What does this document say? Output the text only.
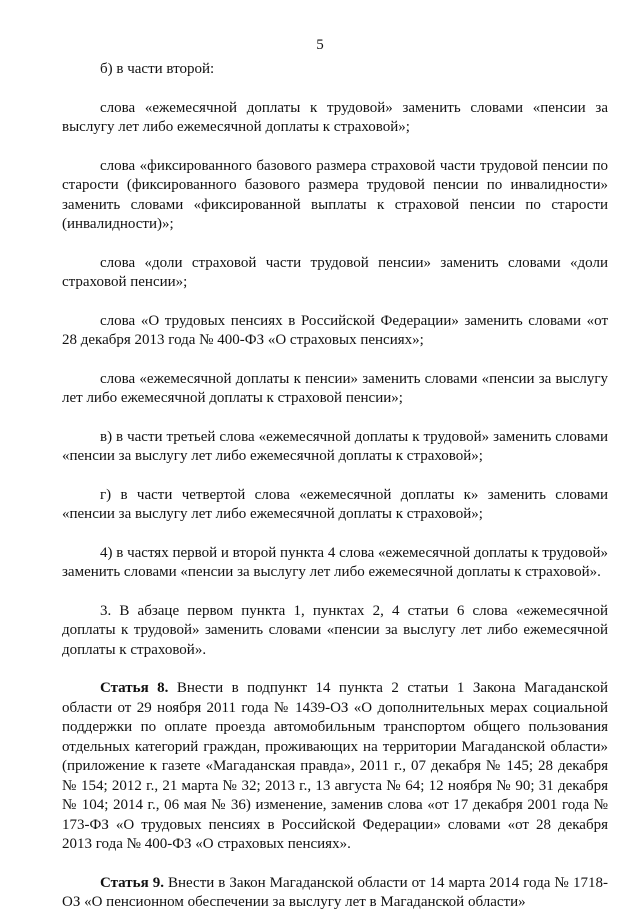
5

б) в части второй:

слова «ежемесячной доплаты к трудовой» заменить словами «пенсии за выслугу лет либо ежемесячной доплаты к страховой»;

слова «фиксированного базового размера страховой части трудовой пенсии по старости (фиксированного базового размера трудовой пенсии по инвалидности» заменить словами «фиксированной выплаты к страховой пенсии по старости (инвалидности)»;

слова «доли страховой части трудовой пенсии» заменить словами «доли страховой пенсии»;

слова «О трудовых пенсиях в Российской Федерации» заменить словами «от 28 декабря 2013 года № 400-ФЗ «О страховых пенсиях»;

слова «ежемесячной доплаты к пенсии» заменить словами «пенсии за выслугу лет либо ежемесячной доплаты к страховой пенсии»;

в) в части третьей слова «ежемесячной доплаты к трудовой» заменить словами «пенсии за выслугу лет либо ежемесячной доплаты к страховой»;

г) в части четвертой слова «ежемесячной доплаты к» заменить словами «пенсии за выслугу лет либо ежемесячной доплаты к страховой»;

4) в частях первой и второй пункта 4 слова «ежемесячной доплаты к трудовой» заменить словами «пенсии за выслугу лет либо ежемесячной доплаты к страховой».

3. В абзаце первом пункта 1, пунктах 2, 4 статьи 6 слова «ежемесячной доплаты к трудовой» заменить словами «пенсии за выслугу лет либо ежемесячной доплаты к страховой».

Статья 8. Внести в подпункт 14 пункта 2 статьи 1 Закона Магаданской области от 29 ноября 2011 года № 1439-ОЗ «О дополнительных мерах социальной поддержки по оплате проезда автомобильным транспортом общего пользования отдельных категорий граждан, проживающих на территории Магаданской области» (приложение к газете «Магаданская правда», 2011 г., 07 декабря № 145; 28 декабря № 154; 2012 г., 21 марта № 32; 2013 г., 13 августа № 64; 12 ноября № 90; 31 декабря № 104; 2014 г., 06 мая № 36) изменение, заменив слова «от 17 декабря 2001 года № 173-ФЗ «О трудовых пенсиях в Российской Федерации» словами «от 28 декабря 2013 года № 400-ФЗ «О страховых пенсиях».

Статья 9. Внести в Закон Магаданской области от 14 марта 2014 года № 1718-ОЗ «О пенсионном обеспечении за выслугу лет в Магаданской области»
